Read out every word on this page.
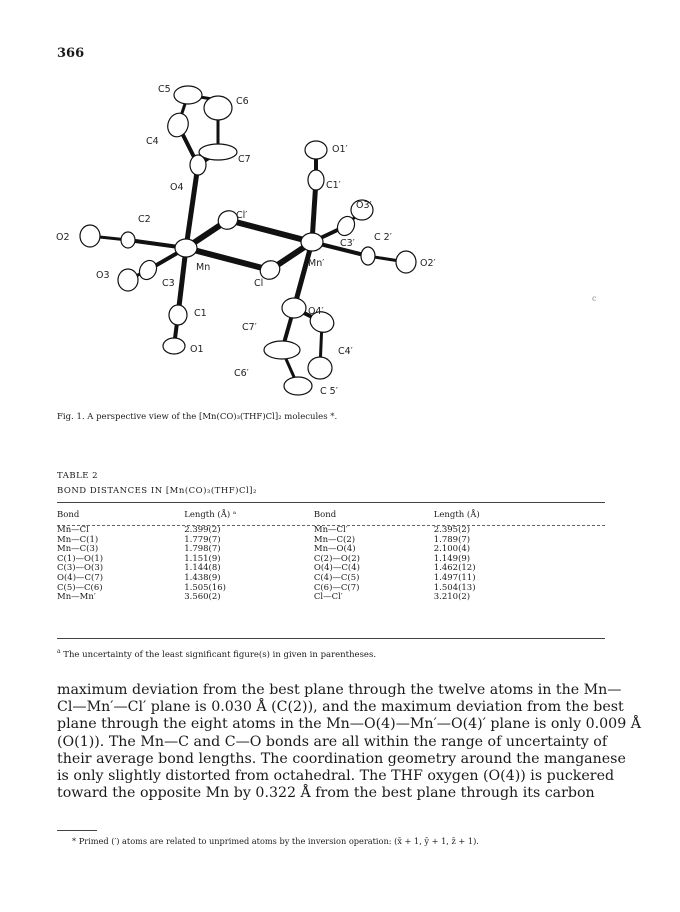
366
C5
C6
C4
C7
O4
O2
C2	Cl′
O1′
C1′
O3′
C3′
C 2′
O2′
Mn	Mn′
O3
C3	Cl
C1	O4′
C7′
O1	C4′
C6′
C 5′
c
Fig. 1. A perspective view of the [Mn(CO)₃(THF)Cl]₂ molecules *.
TABLE 2
BOND DISTANCES IN [Mn(CO)₃(THF)Cl]₂
Bond	Length (Å) ᵃ	Bond	Length (Å)
Mn—Cl	2.399(2)	Mn—Cl′	2.395(2)
Mn—C(1)	1.779(7)	Mn—C(2)	1.789(7)
Mn—C(3)	1.798(7)	Mn—O(4)	2.100(4)
C(1)—O(1)	1.151(9)	C(2)—O(2)	1.149(9)
C(3)—O(3)	1.144(8)	O(4)—C(4)	1.462(12)
O(4)—C(7)	1.438(9)	C(4)—C(5)	1.497(11)
C(5)—C(6)	1.505(16)	C(6)—C(7)	1.504(13)
Mn—Mn′	3.560(2)	Cl—Cl′	3.210(2)
$^a$ The uncertainty of the least significant figure(s) in given in parentheses.
maximum deviation from the best plane through the twelve atoms in the Mn—
Cl—Mn′—Cl′ plane is 0.030 Å (C(2)), and the maximum deviation from the best
plane through the eight atoms in the Mn—O(4)—Mn′—O(4)′ plane is only 0.009 Å
(O(1)). The Mn—C and C—O bonds are all within the range of uncertainty of
their average bond lengths. The coordination geometry around the manganese
is only slightly distorted from octahedral. The THF oxygen (O(4)) is puckered
toward the opposite Mn by 0.322 Å from the best plane through its carbon
* Primed (′) atoms are related to unprimed atoms by the inversion operation: (x̄ + 1, ȳ + 1, z̄ + 1).
